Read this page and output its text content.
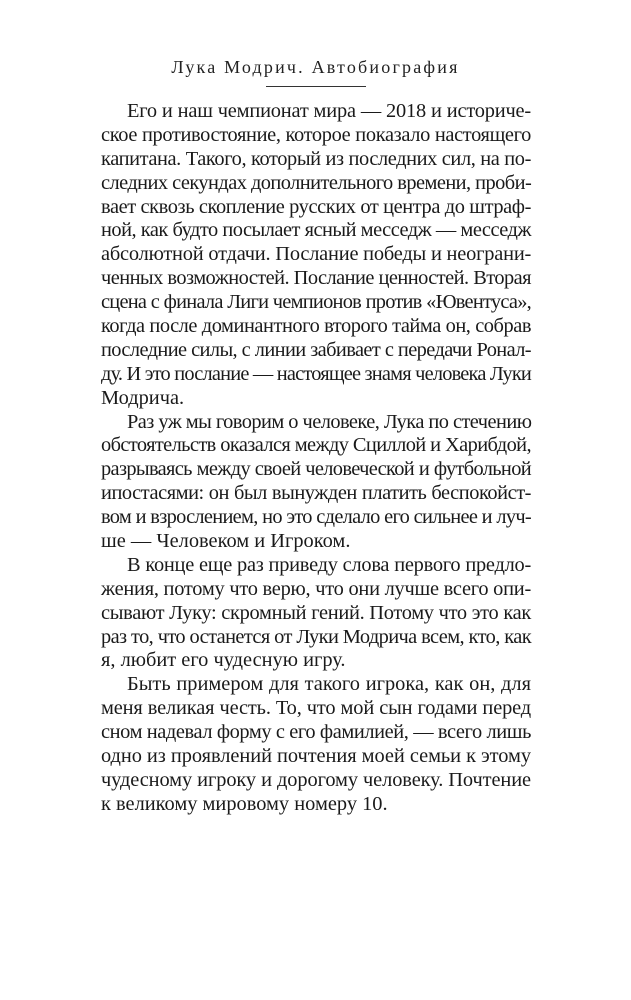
Лука Модрич. Автобиография

Его и наш чемпионат мира — 2018 и историче-
ское противостояние, которое показало настоящего
капитана. Такого, который из последних сил, на по-
следних секундах дополнительного времени, проби-
вает сквозь скопление русских от центра до штраф-
ной, как будто посылает ясный месседж — месседж
абсолютной отдачи. Послание победы и неограни-
ченных возможностей. Послание ценностей. Вторая
сцена с финала Лиги чемпионов против «Ювентуса»,
когда после доминантного второго тайма он, собрав
последние силы, с линии забивает с передачи Ронал-
ду. И это послание — настоящее знамя человека Луки
Модрича.

Раз уж мы говорим о человеке, Лука по стечению
обстоятельств оказался между Сциллой и Харибдой,
разрываясь между своей человеческой и футбольной
ипостасями: он был вынужден платить беспокойст-
вом и взрослением, но это сделало его сильнее и луч-
ше — Человеком и Игроком.

В конце еще раз приведу слова первого предло-
жения, потому что верю, что они лучше всего опи-
сывают Луку: скромный гений. Потому что это как
раз то, что останется от Луки Модрича всем, кто, как
я, любит его чудесную игру.

Быть примером для такого игрока, как он, для
меня великая честь. То, что мой сын годами перед
сном надевал форму с его фамилией, — всего лишь
одно из проявлений почтения моей семьи к этому
чудесному игроку и дорогому человеку. Почтение
к великому мировому номеру 10.
